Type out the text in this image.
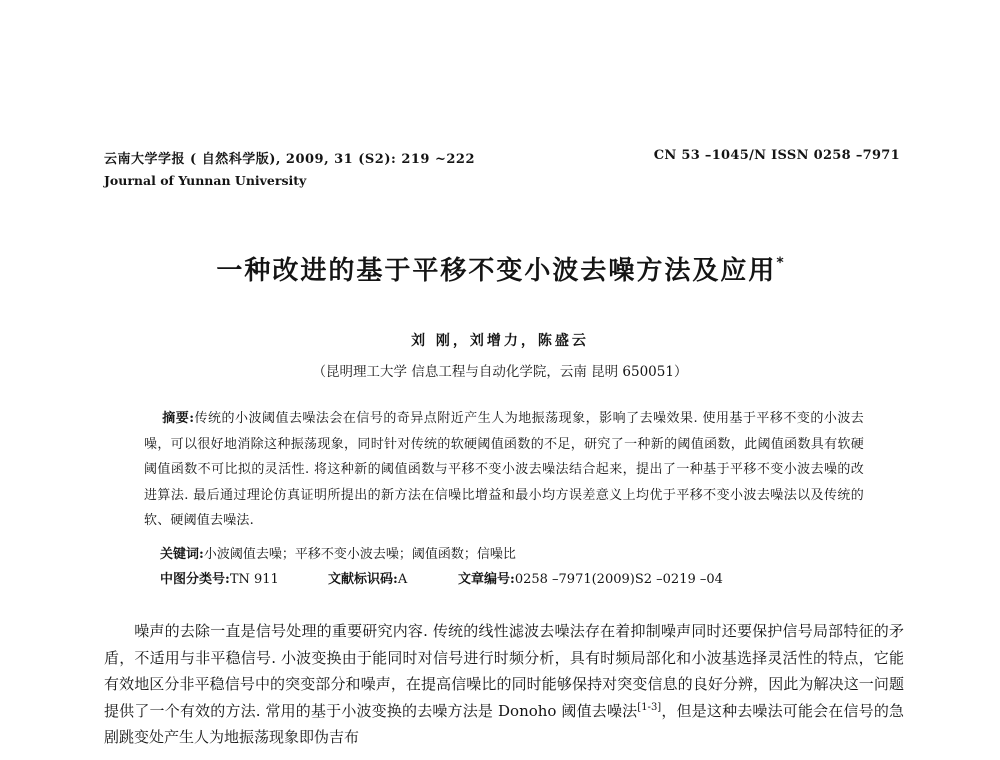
云南大学学报 ( 自然科学版), 2009, 31 (S2): 219 ~222	CN 53 –1045/N ISSN 0258 –7971
Journal of Yunnan University
一种改进的基于平移不变小波去噪方法及应用*
刘 刚，刘增力，陈盛云
（昆明理工大学 信息工程与自动化学院，云南 昆明 650051）
摘要:传统的小波阈值去噪法会在信号的奇异点附近产生人为地振荡现象，影响了去噪效果. 使用基于平移不变的小波去噪，可以很好地消除这种振荡现象，同时针对传统的软硬阈值函数的不足，研究了一种新的阈值函数，此阈值函数具有软硬阈值函数不可比拟的灵活性. 将这种新的阈值函数与平移不变小波去噪法结合起来，提出了一种基于平移不变小波去噪的改进算法. 最后通过理论仿真证明所提出的新方法在信噪比增益和最小均方误差意义上均优于平移不变小波去噪法以及传统的软、硬阈值去噪法.
关键词:小波阈值去噪；平移不变小波去噪；阈值函数；信噪比
中图分类号:TN 911	文献标识码:A	文章编号:0258 –7971(2009)S2 –0219 –04
噪声的去除一直是信号处理的重要研究内容. 传统的线性滤波去噪法存在着抑制噪声同时还要保护信号局部特征的矛盾，不适用与非平稳信号. 小波变换由于能同时对信号进行时频分析，具有时频局部化和小波基选择灵活性的特点，它能有效地区分非平稳信号中的突变部分和噪声，在提高信噪比的同时能够保持对突变信息的良好分辨，因此为解决这一问题提供了一个有效的方法. 常用的基于小波变换的去噪方法是 Donoho 阈值去噪法[1-3]，但是这种去噪法可能会在信号的急剧跳变处产生人为地振荡现象即伪吉布
